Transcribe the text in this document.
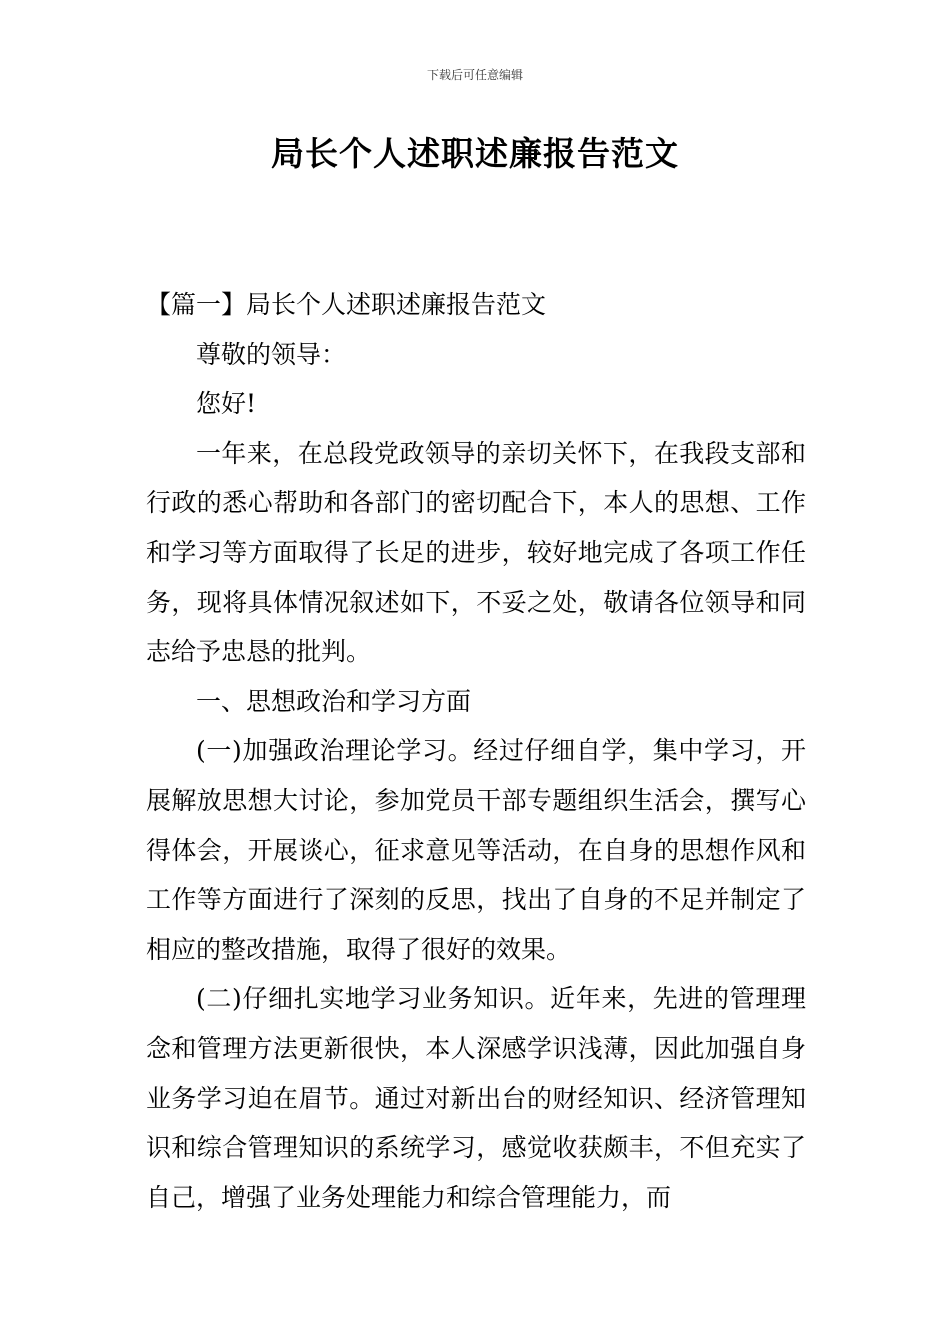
下载后可任意编辑
局长个人述职述廉报告范文

【篇一】局长个人述职述廉报告范文

尊敬的领导：

您好!

一年来，在总段党政领导的亲切关怀下，在我段支部和行政的悉心帮助和各部门的密切配合下，本人的思想、工作和学习等方面取得了长足的进步，较好地完成了各项工作任务，现将具体情况叙述如下，不妥之处，敬请各位领导和同志给予忠恳的批判。

一、思想政治和学习方面

(一)加强政治理论学习。经过仔细自学，集中学习，开展解放思想大讨论，参加党员干部专题组织生活会，撰写心得体会，开展谈心，征求意见等活动，在自身的思想作风和工作等方面进行了深刻的反思，找出了自身的不足并制定了相应的整改措施，取得了很好的效果。

(二)仔细扎实地学习业务知识。近年来，先进的管理理念和管理方法更新很快，本人深感学识浅薄，因此加强自身业务学习迫在眉节。通过对新出台的财经知识、经济管理知识和综合管理知识的系统学习，感觉收获颇丰，不但充实了自己，增强了业务处理能力和综合管理能力，而
